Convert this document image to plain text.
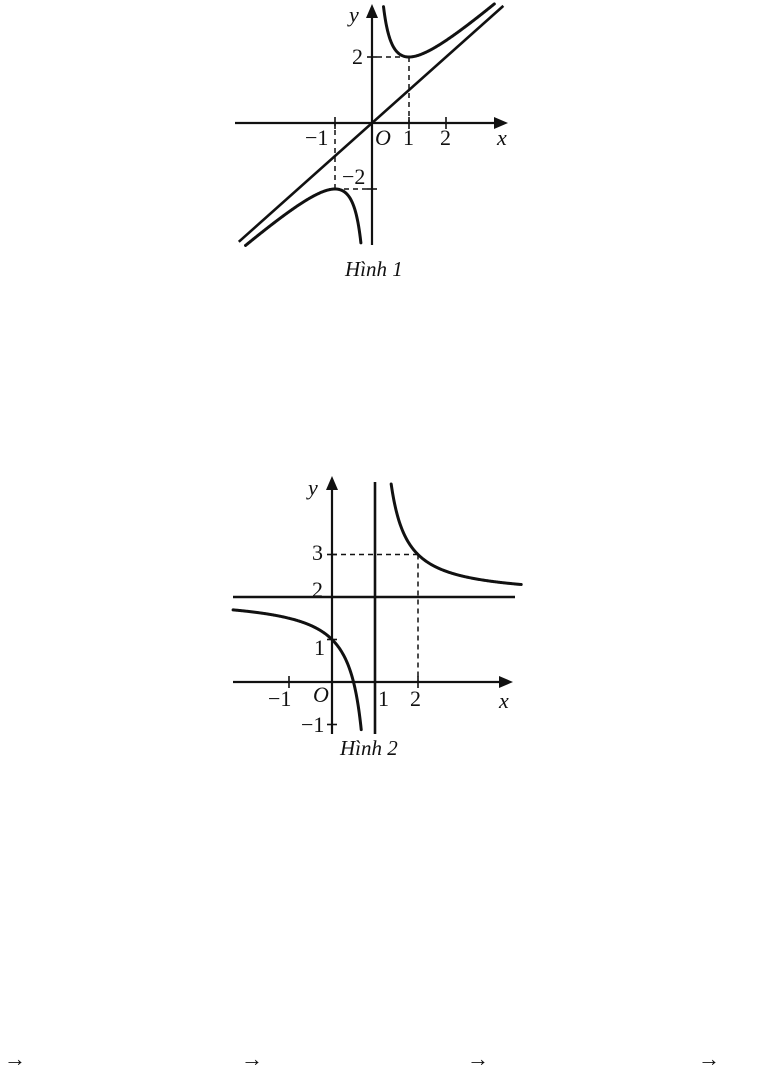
y
x
O
−1	1 2
2
−2
Hình 1
y
x
O
−1	1 2
3
2
1
−1
Hình 2
→	→	→	→
